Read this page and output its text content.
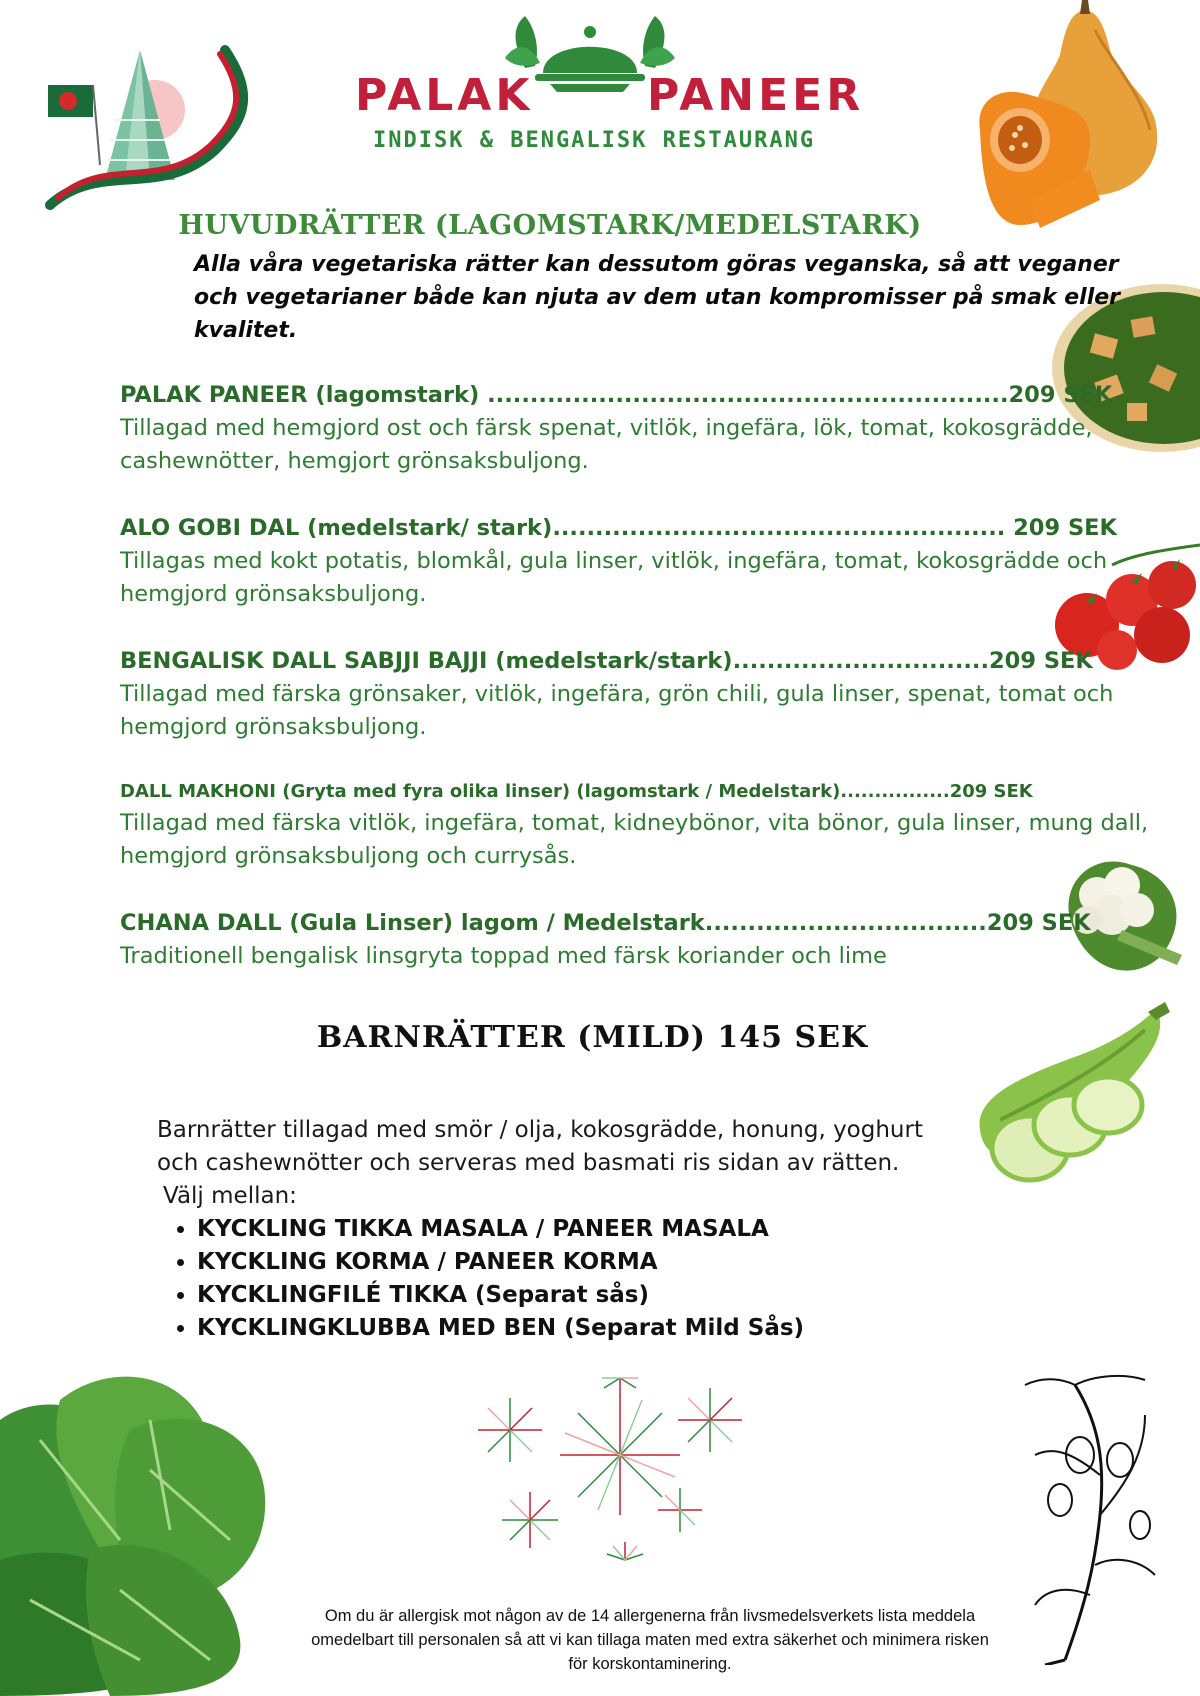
PALAK	PANEER
INDISK & BENGALISK RESTAURANG
HUVUDRÄTTER (LAGOMSTARK/MEDELSTARK)
Alla våra vegetariska rätter kan dessutom göras veganska, så att veganer och vegetarianer både kan njuta av dem utan kompromisser på smak eller kvalitet.
PALAK PANEER (lagomstark) .............................................................209 SEK
Tillagad med hemgjord ost och färsk spenat, vitlök, ingefära, lök, tomat, kokosgrädde, cashewnötter, hemgjort grönsaksbuljong.
ALO GOBI DAL (medelstark/ stark)..................................................... 209 SEK
Tillagas med kokt potatis, blomkål, gula linser, vitlök, ingefära, tomat, kokosgrädde och hemgjord grönsaksbuljong.
BENGALISK DALL SABJJI BAJJI (medelstark/stark)..............................209 SEK
Tillagad med färska grönsaker, vitlök, ingefära, grön chili, gula linser, spenat, tomat och hemgjord grönsaksbuljong.
DALL MAKHONI (Gryta med fyra olika linser) (lagomstark / Medelstark)................209 SEK
Tillagad med färska vitlök, ingefära, tomat, kidneybönor, vita bönor, gula linser, mung dall, hemgjord grönsaksbuljong och currysås.
CHANA DALL (Gula Linser) lagom / Medelstark.................................209 SEK
Traditionell bengalisk linsgryta toppad med färsk koriander och lime
BARNRÄTTER (MILD) 145 SEK
Barnrätter tillagad med smör / olja, kokosgrädde, honung, yoghurt och cashewnötter och serveras med basmati ris sidan av rätten.
Välj mellan:
• KYCKLING TIKKA MASALA / PANEER MASALA
• KYCKLING KORMA / PANEER KORMA
• KYCKLINGFILÉ TIKKA (Separat sås)
• KYCKLINGKLUBBA MED BEN (Separat Mild Sås)
Om du är allergisk mot någon av de 14 allergenerna från livsmedelsverkets lista meddela omedelbart till personalen så att vi kan tillaga maten med extra säkerhet och minimera risken för korskontaminering.
